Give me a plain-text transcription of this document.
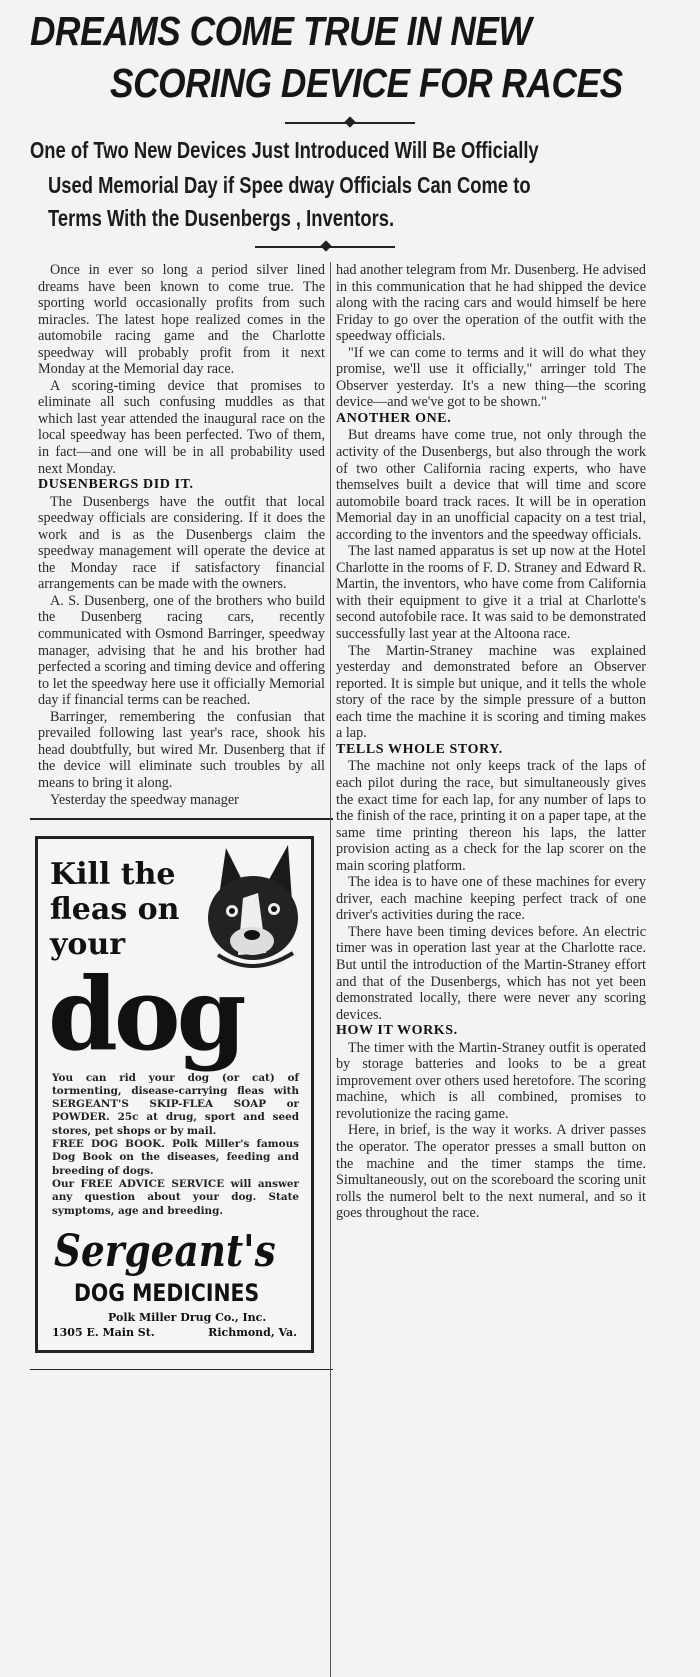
DREAMS COME TRUE IN NEW
SCORING DEVICE FOR RACES
One of Two New Devices Just Introduced Will Be Officially
Used Memorial Day if Spee dway Officials Can Come to
Terms With the Dusenbergs , Inventors.

Once in ever so long a period silver lined dreams have been known to come true. The sporting world occasionally profits from such miracles. The latest hope realized comes in the automobile racing game and the Charlotte speedway will probably profit from it next Monday at the Memorial day race.

A scoring-timing device that promises to eliminate all such confusing muddles as that which last year attended the inaugural race on the local speedway has been perfected. Two of them, in fact—and one will be in all probability used next Monday.

DUSENBERGS DID IT.

The Dusenbergs have the outfit that local speedway officials are considering. If it does the work and is as the Dusenbergs claim the speedway management will operate the device at the Monday race if satisfactory financial arrangements can be made with the owners.

A. S. Dusenberg, one of the brothers who build the Dusenberg racing cars, recently communicated with Osmond Barringer, speedway manager, advising that he and his brother had perfected a scoring and timing device and offering to let the speedway here use it officially Memorial day if financial terms can be reached.

Barringer, remembering the confusian that prevailed following last year's race, shook his head doubtfully, but wired Mr. Dusenberg that if the device will eliminate such troubles by all means to bring it along.

Yesterday the speedway manager

Kill the
fleas on
your
dog

You can rid your dog (or cat) of tormenting, disease-carrying fleas with SERGEANT'S SKIP-FLEA SOAP or POWDER. 25c at drug, sport and seed stores, pet shops or by mail.

FREE DOG BOOK. Polk Miller's famous Dog Book on the diseases, feeding and breeding of dogs.

Our FREE ADVICE SERVICE will answer any question about your dog. State symptoms, age and breeding.

Sergeant's
DOG MEDICINES
Polk Miller Drug Co., Inc.
1305 E. Main St.	Richmond, Va.

had another telegram from Mr. Dusenberg. He advised in this communication that he had shipped the device along with the racing cars and would himself be here Friday to go over the operation of the outfit with the speedway officials.

"If we can come to terms and it will do what they promise, we'll use it officially," arringer told The Observer yesterday. It's a new thing—the scoring device—and we've got to be shown."

ANOTHER ONE.

But dreams have come true, not only through the activity of the Dusenbergs, but also through the work of two other California racing experts, who have themselves built a device that will time and score automobile board track races. It will be in operation Memorial day in an unofficial capacity on a test trial, according to the inventors and the speedway officials.

The last named apparatus is set up now at the Hotel Charlotte in the rooms of F. D. Straney and Edward R. Martin, the inventors, who have come from California with their equipment to give it a trial at Charlotte's second autofobile race. It was said to be demonstrated successfully last year at the Altoona race.

The Martin-Straney machine was explained yesterday and demonstrated before an Observer reported. It is simple but unique, and it tells the whole story of the race by the simple pressure of a button each time the machine it is scoring and timing makes a lap.

TELLS WHOLE STORY.

The machine not only keeps track of the laps of each pilot during the race, but simultaneously gives the exact time for each lap, for any number of laps to the finish of the race, printing it on a paper tape, at the same time printing thereon his laps, the latter provision acting as a check for the lap scorer on the main scoring platform.

The idea is to have one of these machines for every driver, each machine keeping perfect track of one driver's activities during the race.

There have been timing devices before. An electric timer was in operation last year at the Charlotte race. But until the introduction of the Martin-Straney effort and that of the Dusenbergs, which has not yet been demonstrated locally, there were never any scoring devices.

HOW IT WORKS.

The timer with the Martin-Straney outfit is operated by storage batteries and looks to be a great improvement over others used heretofore. The scoring machine, which is all combined, promises to revolutionize the racing game.

Here, in brief, is the way it works. A driver passes the operator. The operator presses a small button on the machine and the timer stamps the time. Simultaneously, out on the scoreboard the scoring unit rolls the numerol belt to the next numeral, and so it goes throughout the race.
